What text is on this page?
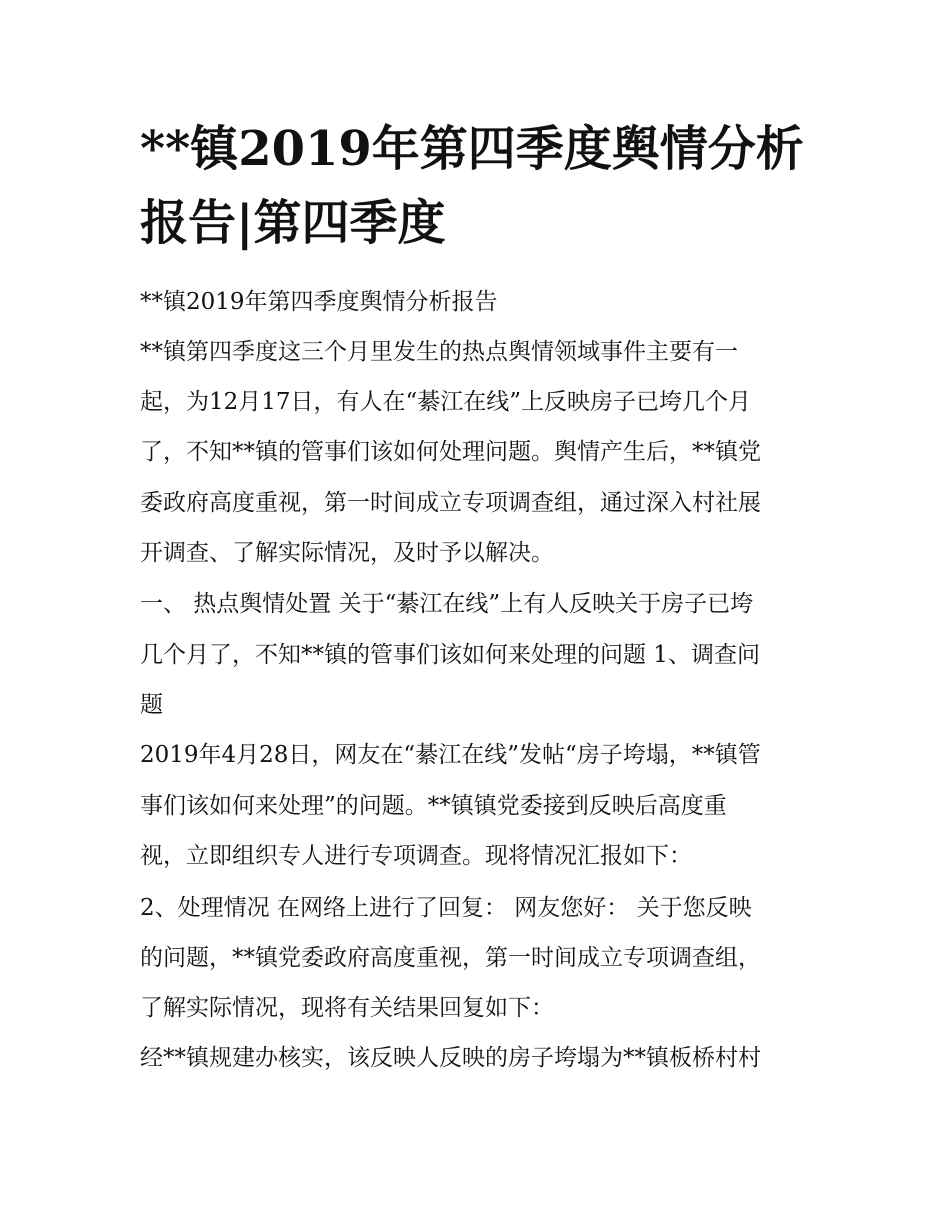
**镇2019年第四季度舆情分析
报告|第四季度

**镇2019年第四季度舆情分析报告

**镇第四季度这三个月里发生的热点舆情领域事件主要有一

起，为12月17日，有人在“綦江在线”上反映房子已垮几个月

了，不知**镇的管事们该如何处理问题。舆情产生后，**镇党

委政府高度重视，第一时间成立专项调查组，通过深入村社展

开调查、了解实际情况，及时予以解决。

一、 热点舆情处置 关于“綦江在线”上有人反映关于房子已垮

几个月了，不知**镇的管事们该如何来处理的问题 1、调查问

题

2019年4月28日，网友在“綦江在线”发帖“房子垮塌，**镇管

事们该如何来处理”的问题。**镇镇党委接到反映后高度重

视，立即组织专人进行专项调查。现将情况汇报如下：

2、处理情况 在网络上进行了回复： 网友您好： 关于您反映

的问题，**镇党委政府高度重视，第一时间成立专项调查组，

了解实际情况，现将有关结果回复如下：

经**镇规建办核实，该反映人反映的房子垮塌为**镇板桥村村
